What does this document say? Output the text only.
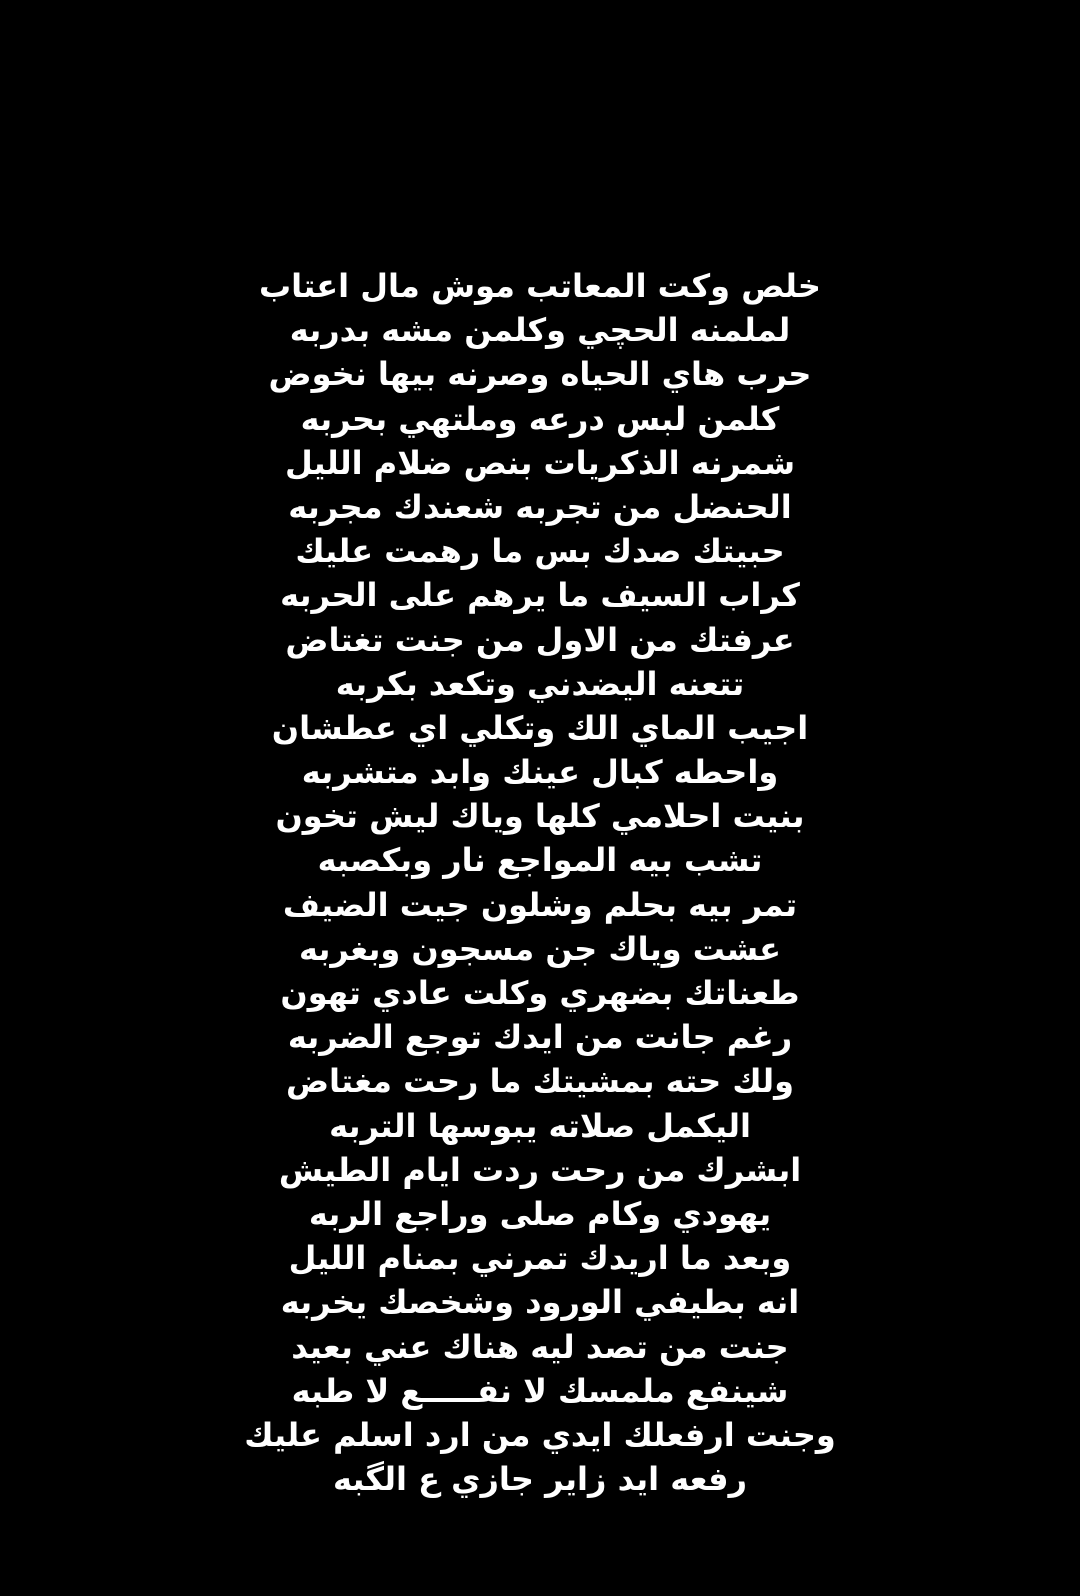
خلص وكت المعاتب موش مال اعتاب
لملمنه الحچي وكلمن مشه بدربه
حرب هاي الحياه وصرنه بيها نخوض
كلمن لبس درعه وملتهي بحربه
شمرنه الذكريات بنص ضلام الليل
الحنضل من تجربه شعندك مجربه
حبيتك صدك بس ما رهمت عليك
كراب السيف ما يرهم على الحربه
عرفتك من الاول من جنت تغتاض
تتعنه اليضدني وتكعد بكربه
اجيب الماي الك وتكلي اي عطشان
واحطه كبال عينك وابد متشربه
بنيت احلامي كلها وياك ليش تخون
تشب بيه المواجع نار وبكصبه
تمر بيه بحلم وشلون جيت الضيف
عشت وياك جن مسجون وبغربه
طعناتك بضهري وكلت عادي تهون
رغم جانت من ايدك توجع الضربه
ولك حته بمشيتك ما رحت مغتاض
اليكمل صلاته يبوسها التربه
ابشرك من رحت ردت ايام الطيش
يهودي وكام صلى وراجع الربه
وبعد ما اريدك تمرني بمنام الليل
انه بطيفي الورود وشخصك يخربه
جنت من تصد ليه هناك عني بعيد
شينفع ملمسك لا نفـــــع لا طبه
وجنت ارفعلك ايدي من ارد اسلم عليك
رفعه ايد زاير جازي ع الگبه
